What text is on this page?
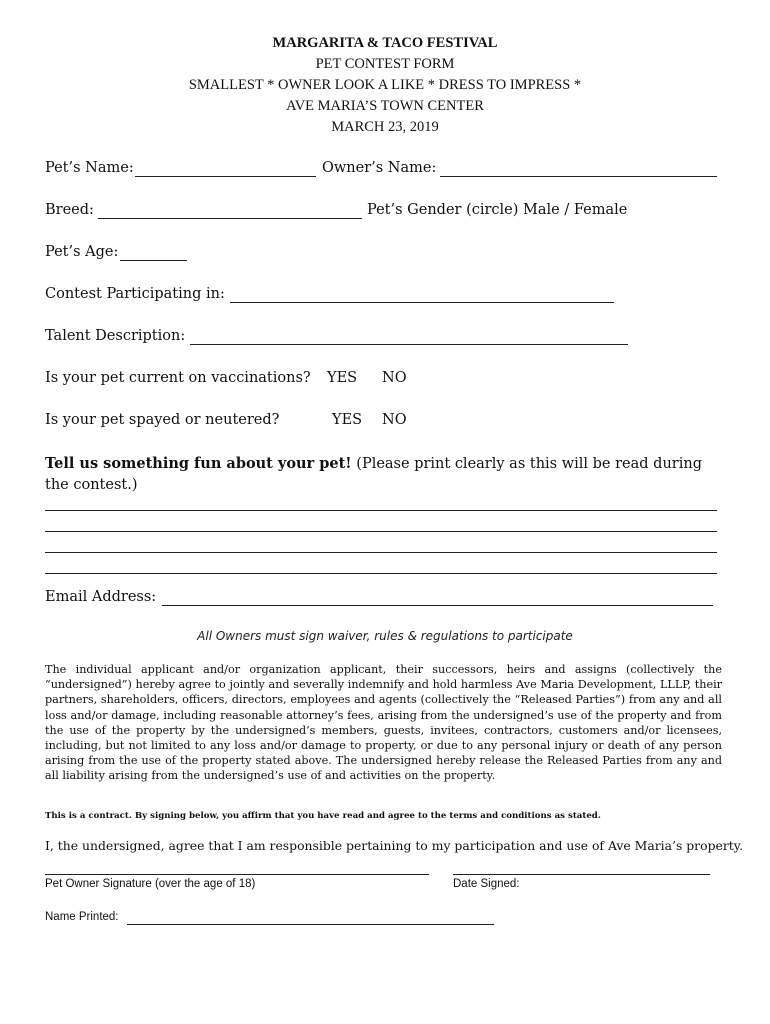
MARGARITA & TACO FESTIVAL
PET CONTEST FORM
SMALLEST * OWNER LOOK A LIKE * DRESS TO IMPRESS *
AVE MARIA’S TOWN CENTER
MARCH 23, 2019
Pet’s Name:	Owner’s Name:
Breed:	Pet’s Gender (circle) Male / Female
Pet’s Age:
Contest Participating in:
Talent Description:
Is your pet current on vaccinations? YES NO
Is your pet spayed or neutered?	YES NO
Tell us something fun about your pet! (Please print clearly as this will be read during the contest.)
Email Address:
All Owners must sign waiver, rules & regulations to participate
The individual applicant and/or organization applicant, their successors, heirs and assigns (collectively the “undersigned”) hereby agree to jointly and severally indemnify and hold harmless Ave Maria Development, LLLP, their partners, shareholders, officers, directors, employees and agents (collectively the “Released Parties”) from any and all loss and/or damage, including reasonable attorney’s fees, arising from the undersigned’s use of the property and from the use of the property by the undersigned’s members, guests, invitees, contractors, customers and/or licensees, including, but not limited to any loss and/or damage to property, or due to any personal injury or death of any person arising from the use of the property stated above. The undersigned hereby release the Released Parties from any and all liability arising from the undersigned’s use of and activities on the property.
This is a contract. By signing below, you affirm that you have read and agree to the terms and conditions as stated.
I, the undersigned, agree that I am responsible pertaining to my participation and use of Ave Maria’s property.
Pet Owner Signature (over the age of 18)	Date Signed:
Name Printed:
